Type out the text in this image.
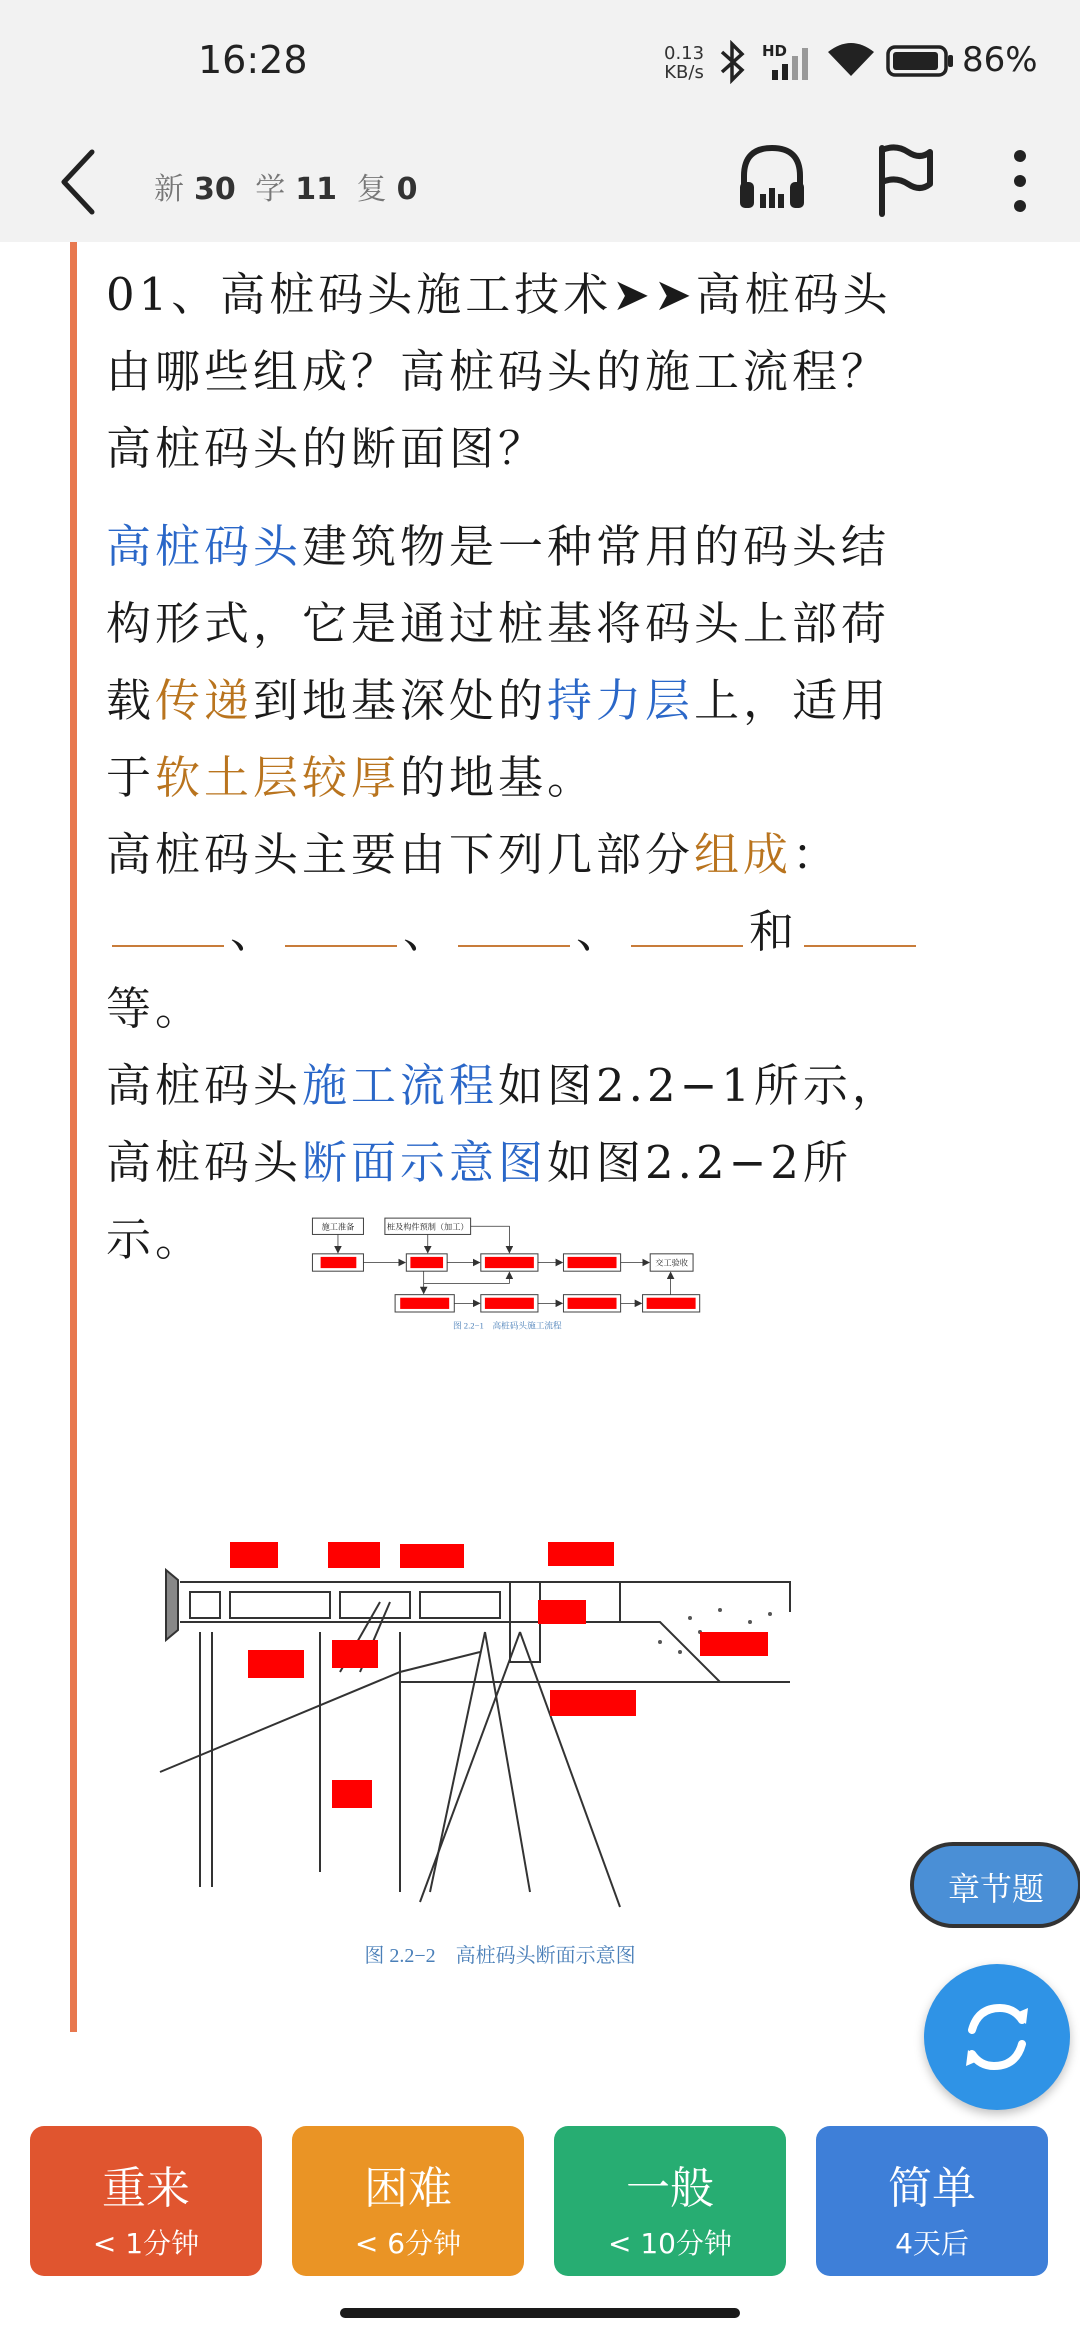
16:28	0.13
KB/s
HD	86%
新 30 学 11 复 0
01、高桩码头施工技术➤➤高桩码头由哪些组成？高桩码头的施工流程？高桩码头的断面图？
高桩码头建筑物是一种常用的码头结构形式，它是通过桩基将码头上部荷载传递到地基深处的持力层上，适用于软土层较厚的地基。
高桩码头主要由下列几部分组成：、	、	、	和等。
高桩码头施工流程如图2.2−1所示，
高桩码头断面示意图如图2.2−2所示。	施工准备 桩及构件预制（加工）
交工验收
图 2.2−1　高桩码头施工流程
图 2.2−2　高桩码头断面示意图
章节题
重来
< 1分钟
困难
< 6分钟
一般
< 10分钟
简单
4天后
